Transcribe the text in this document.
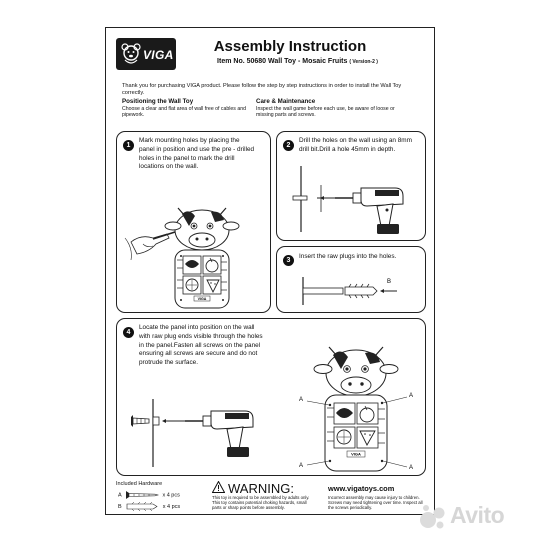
VIGA	Assembly Instruction
Item No. 50680 Wall Toy - Mosaic Fruits ( Version-2 )
Thank you for purchasing VIGA product. Please follow the step by step instructions in order to install the Wall Toy correctly.
Positioning the Wall Toy

Choose a clear and flat area of wall free of cables and pipework.

Care & Maintenance

Inspect the wall game before each use, be aware of loose or missing parts and screws.

1
Mark mounting holes by placing the
panel in position and use the pre - drilled
holes in the panel to mark the drill
locations on the wall.
VIGA
2
Drill the holes on the wall using an 8mm
drill bit.Drill a hole 45mm in depth.
3
Insert the raw plugs into the holes.
B
4
Locate the panel into position on the wall
with raw plug ends visible through the holes
in the panel.Fasten all screws on the panel
ensuring all screws are secure and do not
protrude the surface.
VIGA
A
A
A
A
Included Hardware
A	x 4 pcs
B	x 4 pcs
WARNING:
This toy is required to be assembled by adults only. This toy contains potential choking hazards, small parts or sharp points before assembly.
www.vigatoys.com
Incorrect assembly may cause injury to children. Screws may need tightening over time. Inspect all the screws periodically.	Avito
